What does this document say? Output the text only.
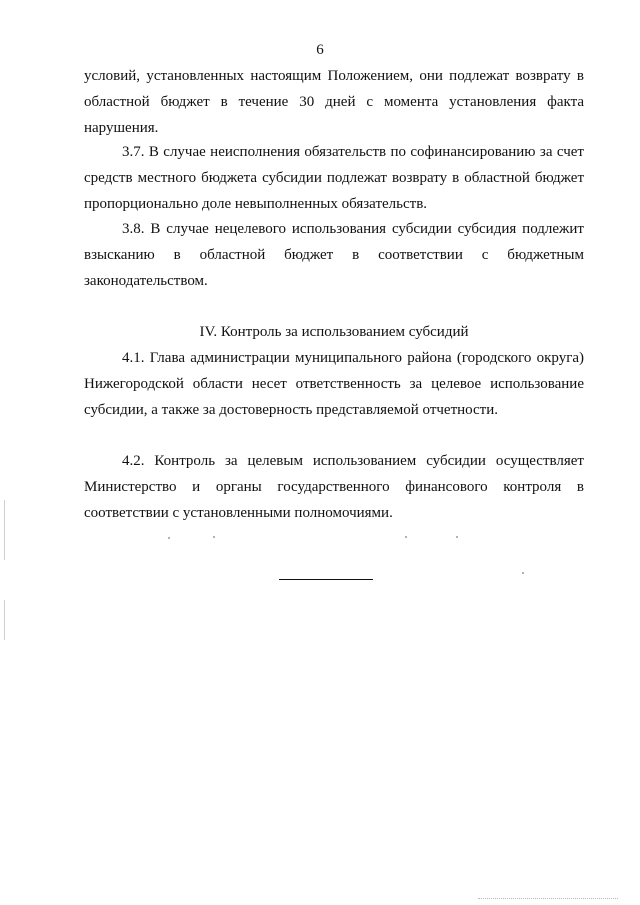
6
условий, установленных настоящим Положением, они подлежат возврату в областной бюджет в течение 30 дней с момента установления факта нарушения.
3.7. В случае неисполнения обязательств по софинансированию за счет средств местного бюджета субсидии подлежат возврату в областной бюджет пропорционально доле невыполненных обязательств.
3.8. В случае нецелевого использования субсидии субсидия подлежит взысканию в областной бюджет в соответствии с бюджетным законодательством.
IV. Контроль за использованием субсидий
4.1. Глава администрации муниципального района (городского округа) Нижегородской области несет ответственность за целевое использование субсидии, а также за достоверность представляемой отчетности.
4.2. Контроль за целевым использованием субсидии осуществляет Министерство и органы государственного финансового контроля в соответствии с установленными полномочиями.
